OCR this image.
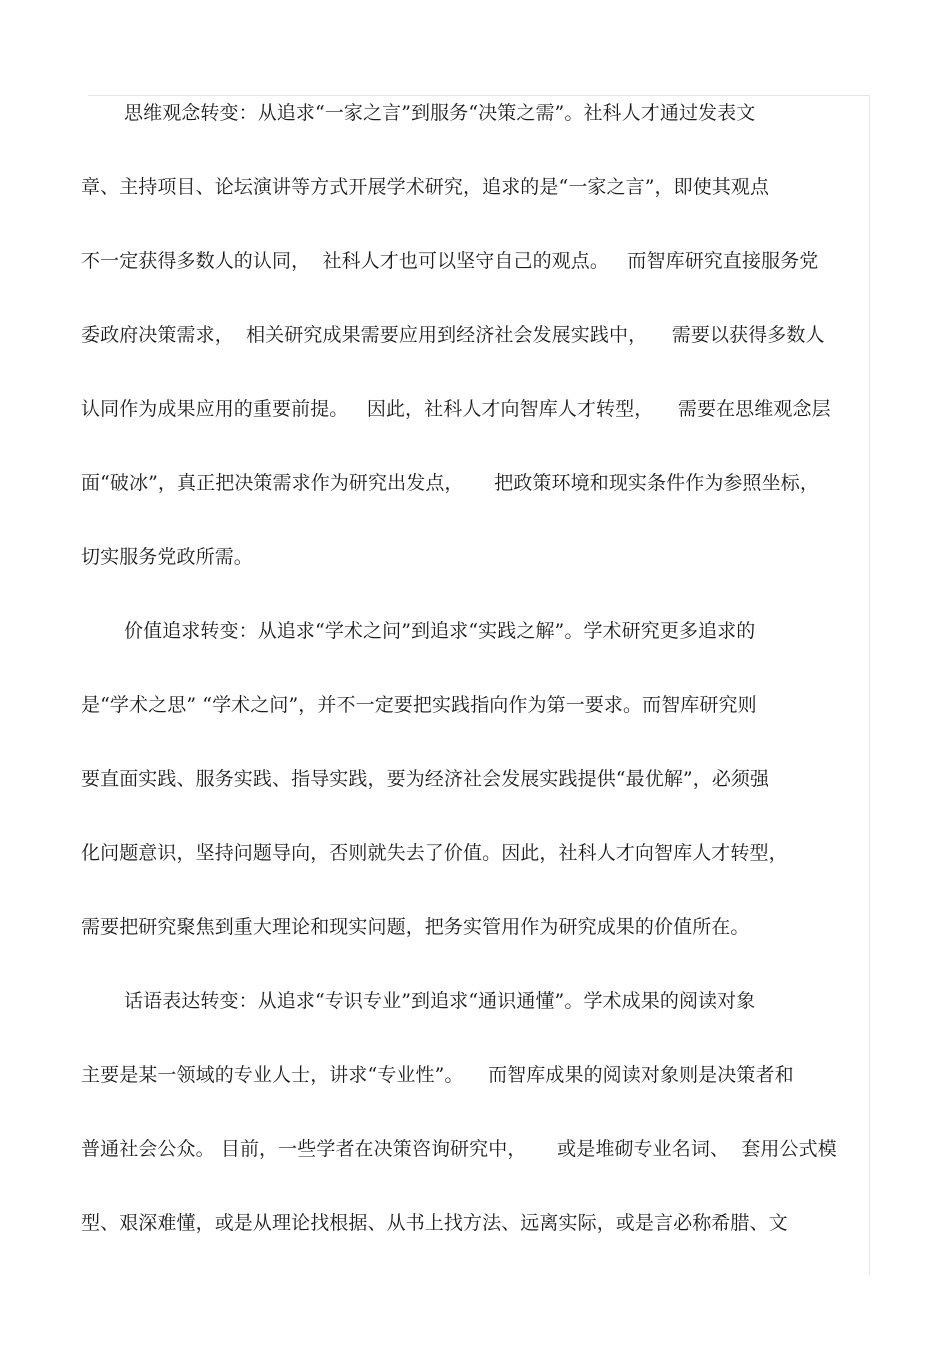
思维观念转变：从追求“一家之言”到服务“决策之需”。社科人才通过发表文

章、主持项目、论坛演讲等方式开展学术研究，追求的是“一家之言”，即使其观点

不一定获得多数人的认同，  社科人才也可以坚守自己的观点。   而智库研究直接服务党

委政府决策需求，  相关研究成果需要应用到经济社会发展实践中，    需要以获得多数人

认同作为成果应用的重要前提。   因此，社科人才向智库人才转型，    需要在思维观念层

面“破冰”，真正把决策需求作为研究出发点，     把政策环境和现实条件作为参照坐标，

切实服务党政所需。

价值追求转变：从追求“学术之问”到追求“实践之解”。学术研究更多追求的

是“学术之思” “学术之问”，并不一定要把实践指向作为第一要求。而智库研究则

要直面实践、服务实践、指导实践，要为经济社会发展实践提供“最优解”，必须强

化问题意识，坚持问题导向，否则就失去了价值。因此，社科人才向智库人才转型，

需要把研究聚焦到重大理论和现实问题，把务实管用作为研究成果的价值所在。

话语表达转变：从追求“专识专业”到追求“通识通懂”。学术成果的阅读对象

主要是某一领域的专业人士，讲求“专业性”。    而智库成果的阅读对象则是决策者和

普通社会公众。 目前，一些学者在决策咨询研究中，     或是堆砌专业名词、  套用公式模

型、艰深难懂，或是从理论找根据、从书上找方法、远离实际，或是言必称希腊、文
